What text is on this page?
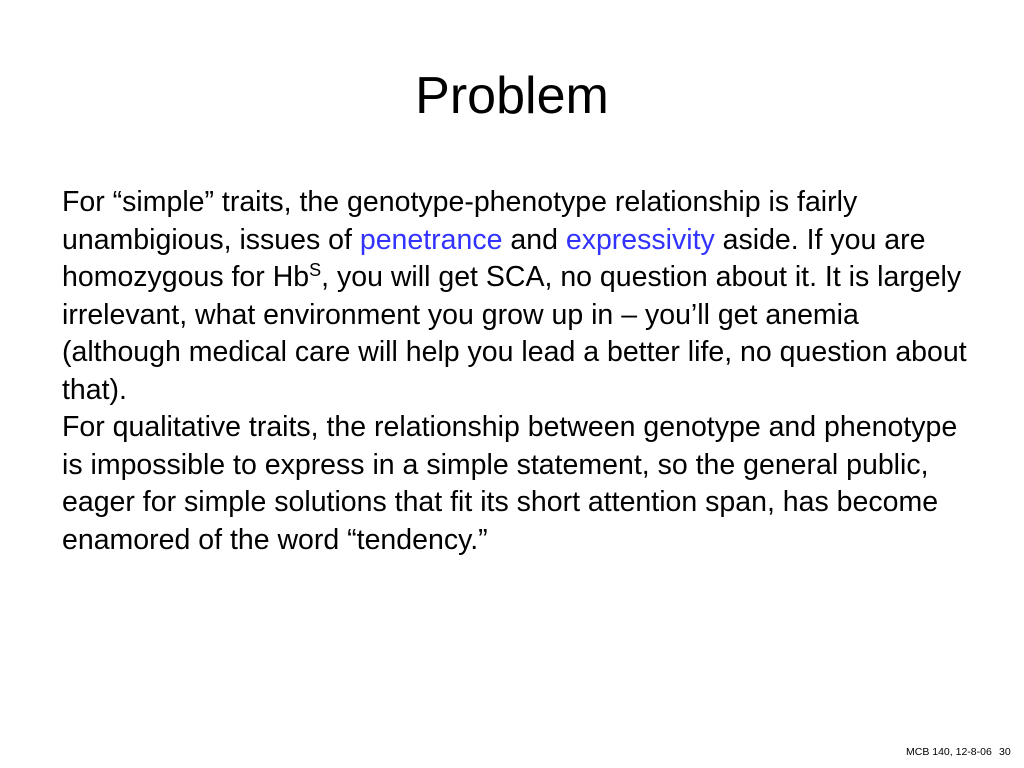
Problem

For “simple” traits, the genotype-phenotype relationship is fairly unambigious, issues of penetrance and expressivity aside. If you are homozygous for $Hb^S$, you will get SCA, no question about it. It is largely irrelevant, what environment you grow up in – you’ll get anemia (although medical care will help you lead a better life, no question about that).

For qualitative traits, the relationship between genotype and phenotype is impossible to express in a simple statement, so the general public, eager for simple solutions that fit its short attention span, has become enamored of the word “tendency.”

MCB 140, 12-8-06 30
